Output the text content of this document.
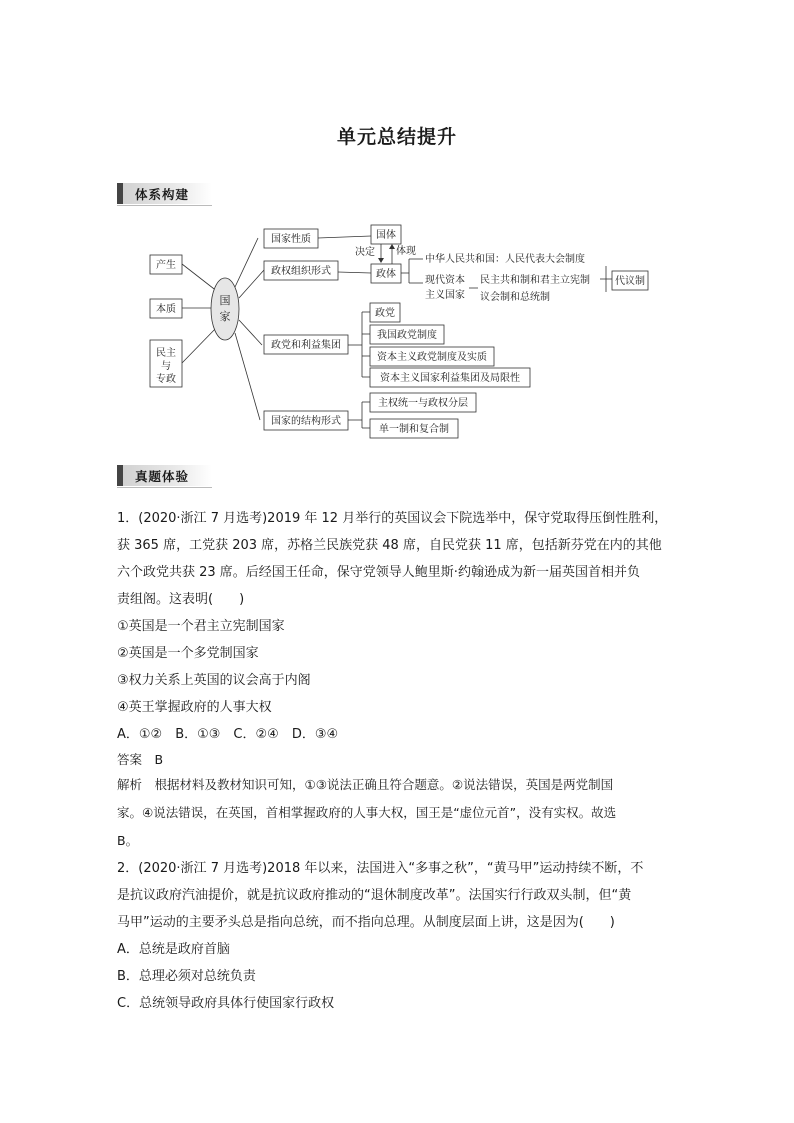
单元总结提升
体系构建
产生
本质
民主
与
专政
国
家
国家性质
政权组织形式
政党和利益集团
国家的结构形式
国体
政体
决定 体现
中华人民共和国：人民代表大会制度
现代资本
主义国家
民主共和制和君主立宪制
议会制和总统制
代议制
政党
我国政党制度
资本主义政党制度及实质
资本主义国家利益集团及局限性
主权统一与政权分层
单一制和复合制
真题体验

1．(2020·浙江 7 月选考)2019 年 12 月举行的英国议会下院选举中，保守党取得压倒性胜利，

获 365 席，工党获 203 席，苏格兰民族党获 48 席，自民党获 11 席，包括新芬党在内的其他

六个政党共获 23 席。后经国王任命，保守党领导人鲍里斯·约翰逊成为新一届英国首相并负

责组阁。这表明(　　)

①英国是一个君主立宪制国家

②英国是一个多党制国家

③权力关系上英国的议会高于内阁

④英王掌握政府的人事大权

A．①②　B．①③　C．②④　D．③④

答案　B

解析　根据材料及教材知识可知，①③说法正确且符合题意。②说法错误，英国是两党制国

家。④说法错误，在英国，首相掌握政府的人事大权，国王是“虚位元首”，没有实权。故选

B。

2．(2020·浙江 7 月选考)2018 年以来，法国进入“多事之秋”，“黄马甲”运动持续不断，不

是抗议政府汽油提价，就是抗议政府推动的“退休制度改革”。法国实行行政双头制，但“黄

马甲”运动的主要矛头总是指向总统，而不指向总理。从制度层面上讲，这是因为(　　)

A．总统是政府首脑

B．总理必须对总统负责

C．总统领导政府具体行使国家行政权
